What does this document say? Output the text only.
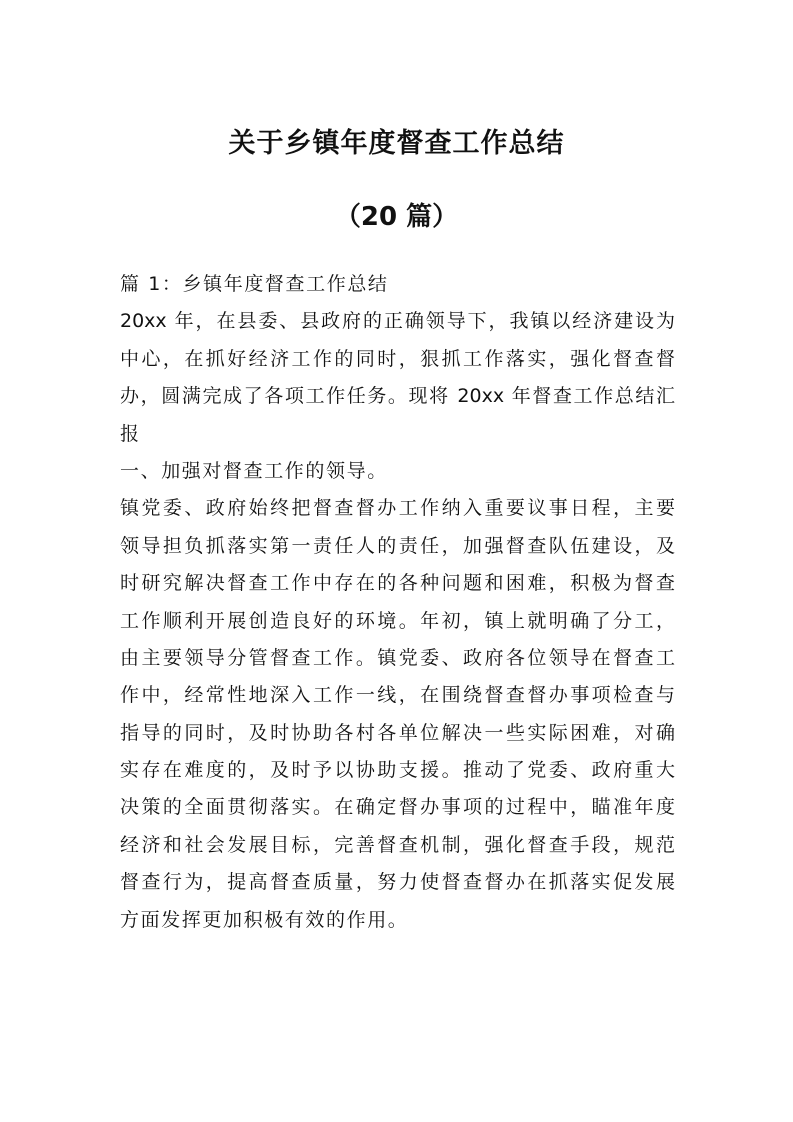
关于乡镇年度督查工作总结
（20 篇）
篇 1：乡镇年度督查工作总结
20xx 年，在县委、县政府的正确领导下，我镇以经济建设为
中心，在抓好经济工作的同时，狠抓工作落实，强化督查督
办，圆满完成了各项工作任务。现将 20xx 年督查工作总结汇
报
一、加强对督查工作的领导。
镇党委、政府始终把督查督办工作纳入重要议事日程，主要
领导担负抓落实第一责任人的责任，加强督查队伍建设，及
时研究解决督查工作中存在的各种问题和困难，积极为督查
工作顺利开展创造良好的环境。年初，镇上就明确了分工，
由主要领导分管督查工作。镇党委、政府各位领导在督查工
作中，经常性地深入工作一线，在围绕督查督办事项检查与
指导的同时，及时协助各村各单位解决一些实际困难，对确
实存在难度的，及时予以协助支援。推动了党委、政府重大
决策的全面贯彻落实。在确定督办事项的过程中，瞄准年度
经济和社会发展目标，完善督查机制，强化督查手段，规范
督查行为，提高督查质量，努力使督查督办在抓落实促发展
方面发挥更加积极有效的作用。
